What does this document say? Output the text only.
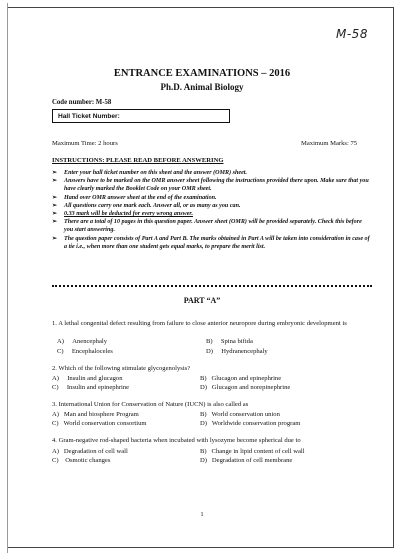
M-58
ENTRANCE EXAMINATIONS – 2016
Ph.D. Animal Biology
Code number: M-58
Hall Ticket Number:
Maximum Time: 2 hours	Maximum Marks: 75
INSTRUCTIONS: PLEASE READ BEFORE ANSWERING
➢ Enter your hall ticket number on this sheet and the answer (OMR) sheet.
➢ Answers have to be marked on the OMR answer sheet following the instructions provided there upon. Make sure that you have clearly marked the Booklet Code on your OMR sheet.
➢ Hand over OMR answer sheet at the end of the examination.
➢ All questions carry one mark each. Answer all, or as many as you can.
➢ 0.33 mark will be deducted for every wrong answer.
➢ There are a total of 10 pages in this question paper. Answer sheet (OMR) will be provided separately. Check this before you start answering.
➢ The question paper consists of Part A and Part B. The marks obtained in Part A will be taken into consideration in case of a tie i.e., when more than one student gets equal marks, to prepare the merit list.
PART “A”
1. A lethal congenital defect resulting from failure to close anterior neuropore during embryonic development is
A) Anencephaly	B) Spina bifida
C) Encephaloceles	D) Hydranencephaly
2. Which of the following stimulate glycogenolysis?
A) Insulin and glucagon	B) Glucagon and epinephrine
C) Insulin and epinephrine	D) Glucagon and norepinephrine
3. International Union for Conservation of Nature (IUCN) is also called as
A) Man and biosphere Program	B) World conservation union
C) World conservation consortium	D) Worldwide conservation program
4. Gram-negative rod-shaped bacteria when incubated with lysozyme become spherical due to
A) Degradation of cell wall	B) Change in lipid content of cell wall
C) Osmotic changes	D) Degradation of cell membrane
1
